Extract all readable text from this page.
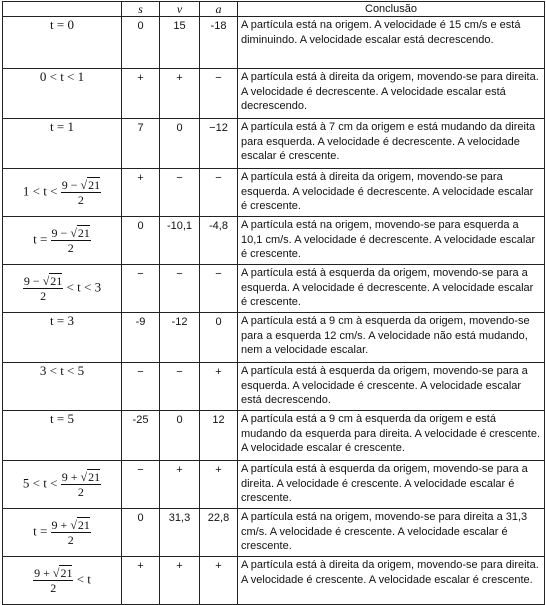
	s	v	a	Conclusão
t = 0	0	15	-18	A partícula está na origem. A velocidade é 15 cm/s e está diminuindo. A velocidade escalar está decrescendo.
0 < t < 1	+	+	−	A partícula está à direita da origem, movendo-se para direita. A velocidade é decrescente. A velocidade escalar está decrescendo.
t = 1	7	0	−12	A partícula está à 7 cm da origem e está mudando da direita para esquerda. A velocidade é decrescente. A velocidade escalar é crescente.
$1 < t < \frac{9 - √21}{2}$	+	−	−	A partícula está à direita da origem, movendo-se para esquerda. A velocidade é decrescente. A velocidade escalar é crescente.
$t = \frac{9 - √21}{2}$	0	-10,1	-4,8	A partícula está na origem, movendo-se para esquerda a 10,1 cm/s. A velocidade é decrescente. A velocidade escalar é crescente.

$\frac{9 - √21}{2} < t < 3$	−	−	−	A partícula está à esquerda da origem, movendo-se para a esquerda. A velocidade é decrescente. A velocidade escalar é crescente.
t = 3	-9	-12	0	A partícula está a 9 cm à esquerda da origem, movendo-se para a esquerda 12 cm/s. A velocidade não está mudando, nem a velocidade escalar.
3 < t < 5	−	−	+	A partícula está à esquerda da origem, movendo-se para a esquerda. A velocidade é crescente. A velocidade escalar está decrescendo.
t = 5	-25	0	12	A partícula está a 9 cm à esquerda da origem e está mudando da esquerda para direita. A velocidade é crescente. A velocidade escalar é crescente.
$5 < t < \frac{9 + √21}{2}$	−	+	+	A partícula está à esquerda da origem, movendo-se para a direita. A velocidade é crescente. A velocidade escalar é crescente.
$t = \frac{9 + √21}{2}$	0	31,3	22,8	A partícula está na origem, movendo-se para direita a 31,3 cm/s. A velocidade é crescente. A velocidade escalar é crescente.

$\frac{9 + √21}{2} < t$	+	+	+	A partícula está à direita da origem, movendo-se para direita. A velocidade é crescente. A velocidade escalar é crescente.
